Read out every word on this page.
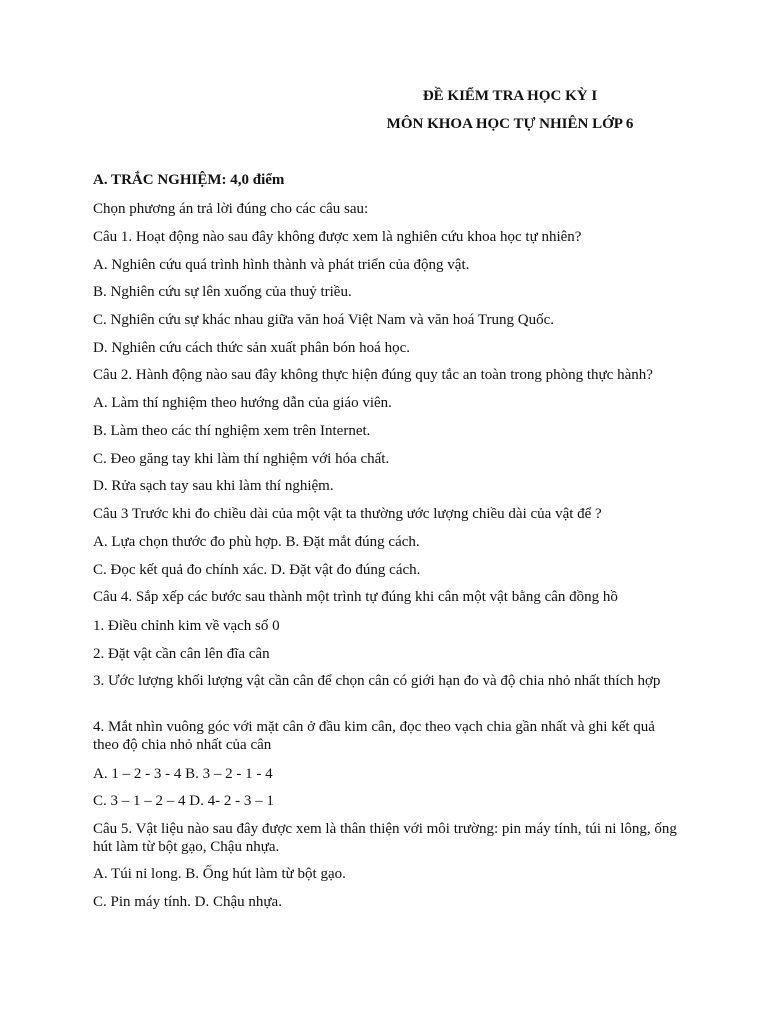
ĐỀ KIỂM TRA HỌC KỲ I
MÔN KHOA HỌC TỰ NHIÊN LỚP 6
A. TRẮC NGHIỆM: 4,0 điểm
Chọn phương án trả lời đúng cho các câu sau:
Câu 1. Hoạt động nào sau đây không được xem là nghiên cứu khoa học tự nhiên?
A. Nghiên cứu quá trình hình thành và phát triển của động vật.
B. Nghiên cứu sự lên xuống của thuỷ triều.
C. Nghiên cứu sự khác nhau giữa văn hoá Việt Nam và văn hoá Trung Quốc.
D. Nghiên cứu cách thức sản xuất phân bón hoá học.
Câu 2. Hành động nào sau đây không thực hiện đúng quy tắc an toàn trong phòng thực hành?
A. Làm thí nghiệm theo hướng dẫn của giáo viên.
B. Làm theo các thí nghiệm xem trên Internet.
C. Đeo găng tay khi làm thí nghiệm với hóa chất.
D. Rửa sạch tay sau khi làm thí nghiệm.
Câu 3 Trước khi đo chiều dài của một vật ta thường ước lượng chiều dài của vật để ?
A. Lựa chọn thước đo phù hợp. B. Đặt mắt đúng cách.
C. Đọc kết quả đo chính xác. D. Đặt vật đo đúng cách.
Câu 4. Sắp xếp các bước sau thành một trình tự đúng khi cân một vật bằng cân đồng hồ
1. Điều chỉnh kim về vạch số 0
2. Đặt vật cần cân lên đĩa cân
3. Ước lượng khối lượng vật cần cân để chọn cân có giới hạn đo và độ chia nhỏ nhất thích hợp
4. Mắt nhìn vuông góc với mặt cân ở đầu kim cân, đọc theo vạch chia gần nhất và ghi kết quả theo độ chia nhỏ nhất của cân
A. 1 – 2 - 3 - 4 B. 3 – 2 - 1 - 4
C. 3 – 1 – 2 – 4 D. 4- 2 - 3 – 1
Câu 5. Vật liệu nào sau đây được xem là thân thiện với môi trường: pin máy tính, túi ni lông, ống hút làm từ bột gạo, Chậu nhựa.
A. Túi ni long. B. Ống hút làm từ bột gạo.
C. Pin máy tính. D. Chậu nhựa.
